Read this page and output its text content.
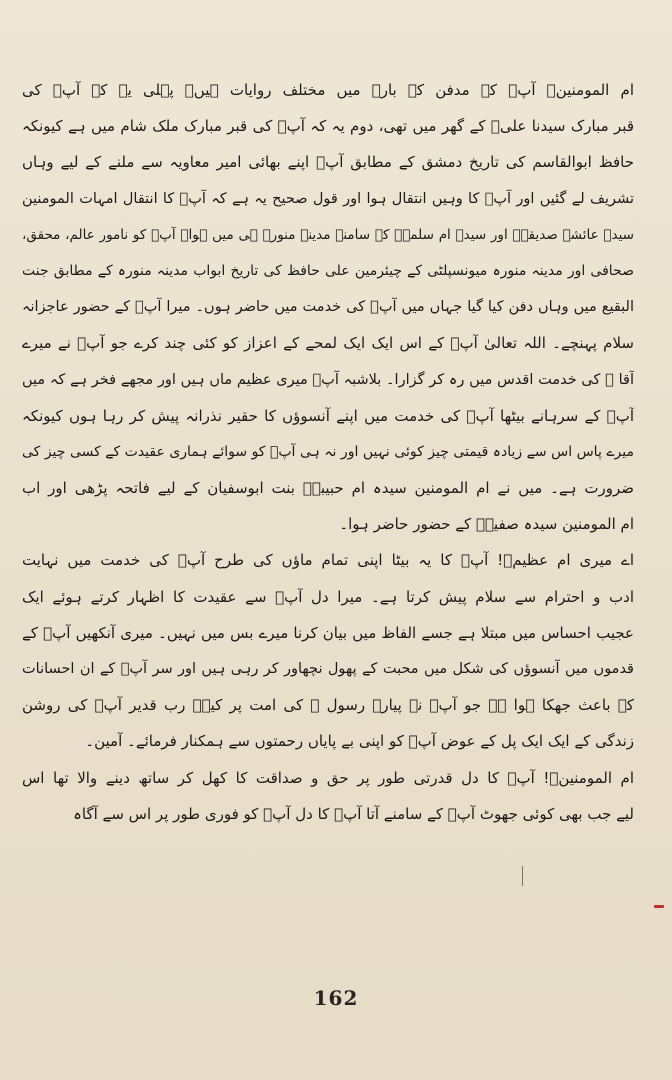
ام المومنینؓ آپؓ کے مدفن کے بارے میں مختلف روایات ہیں۔ پہلی یہ کہ آپؓ کی
قبر مبارک سیدنا علیؓ کے گھر میں تھی، دوم یہ کہ آپؓ کی قبر مبارک ملک شام میں ہے کیونکہ
حافظ ابوالقاسم کی تاریخ دمشق کے مطابق آپؓ اپنے بھائی امیر معاویہ سے ملنے کے لیے وہاں
تشریف لے گئیں اور آپؓ کا وہیں انتقال ہوا اور قول صحیح یہ ہے کہ آپؓ کا انتقال امہات المومنین
سیدہ عائشہ صدیقہؓ اور سیدہ ام سلمہؓ کے سامنے مدینہ منورہ ہی میں ہوا۔ آپؓ کو نامور عالم، محقق،
صحافی اور مدینہ منورہ میونسپلٹی کے چیئرمین علی حافظ کی تاریخ ابواب مدینہ منورہ کے مطابق جنت
البقیع میں وہاں دفن کیا گیا جہاں میں آپؓ کی خدمت میں حاضر ہوں۔ میرا آپؓ کے حضور عاجزانہ
سلام پہنچے۔ اللہ تعالیٰ آپؓ کے اس ایک ایک لمحے کے اعزاز کو کئی چند کرے جو آپؓ نے میرے
آقا ﷺ کی خدمت اقدس میں رہ کر گزارا۔ بلاشبہ آپؓ میری عظیم ماں ہیں اور مجھے فخر ہے کہ میں
آپؓ کے سرہانے بیٹھا آپؓ کی خدمت میں اپنے آنسوؤں کا حقیر نذرانہ پیش کر رہا ہوں کیونکہ
میرے پاس اس سے زیادہ قیمتی چیز کوئی نہیں اور نہ ہی آپؓ کو سوائے ہماری عقیدت کے کسی چیز کی
ضرورت ہے۔ میں نے ام المومنین سیدہ ام حبیبہؓ بنت ابوسفیان کے لیے فاتحہ پڑھی اور اب
ام المومنین سیدہ صفیہؓ کے حضور حاضر ہوا۔
اے میری ام عظیمؓ! آپؓ کا یہ بیٹا اپنی تمام ماؤں کی طرح آپؓ کی خدمت میں نہایت
ادب و احترام سے سلام پیش کرتا ہے۔ میرا دل آپؓ سے عقیدت کا اظہار کرتے ہوئے ایک
عجیب احساس میں مبتلا ہے جسے الفاظ میں بیان کرنا میرے بس میں نہیں۔ میری آنکھیں آپؓ کے
قدموں میں آنسوؤں کی شکل میں محبت کے پھول نچھاور کر رہی ہیں اور سر آپؓ کے ان احسانات
کے باعث جھکا ہوا ہے جو آپؓ نے پیارے رسول ﷺ کی امت پر کیے۔ رب قدیر آپؓ کی روشن
زندگی کے ایک ایک پل کے عوض آپؓ کو اپنی بے پایاں رحمتوں سے ہمکنار فرمائے۔ آمین۔
ام المومنینؓ! آپؓ کا دل قدرتی طور پر حق و صداقت کا کھل کر ساتھ دینے والا تھا اس
لیے جب بھی کوئی جھوٹ آپؓ کے سامنے آتا آپؓ کا دل آپؓ کو فوری طور پر اس سے آگاہ
162
